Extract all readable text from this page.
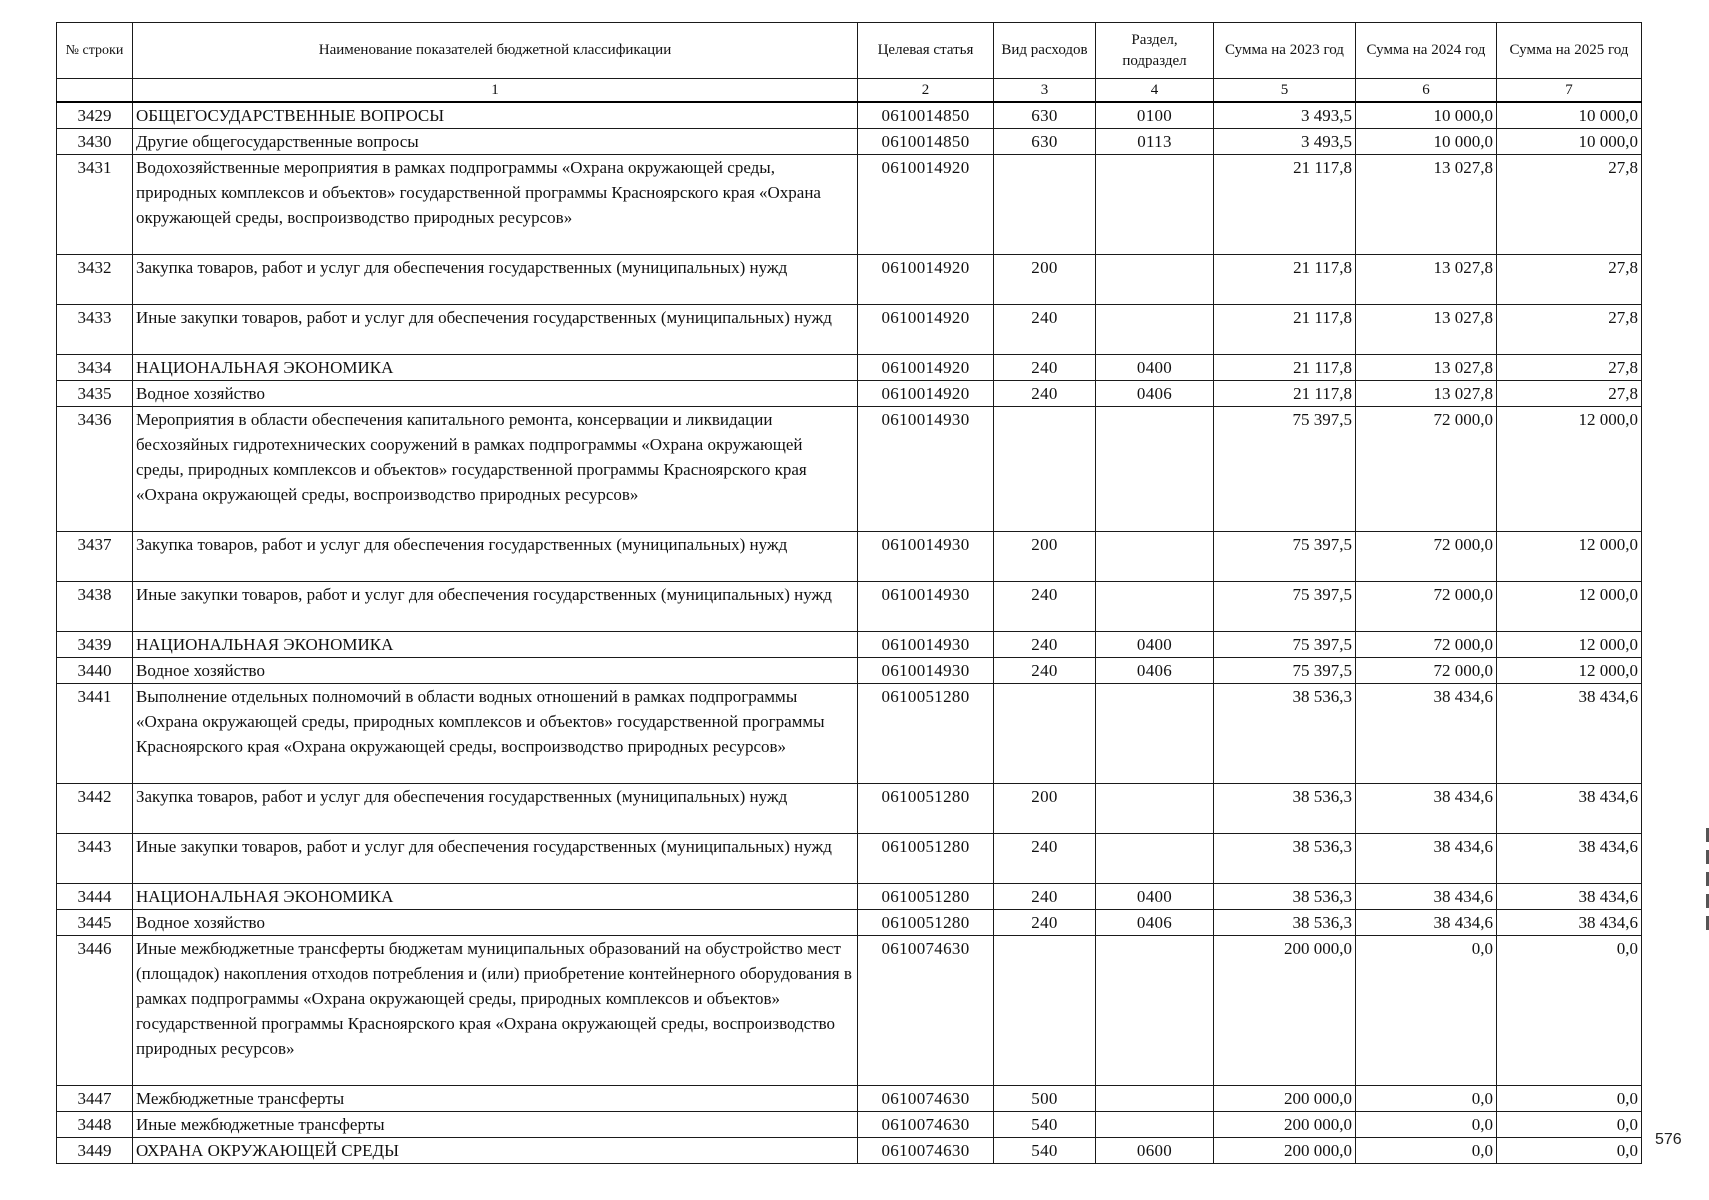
№ строки	Наименование показателей бюджетной классификации	Целевая статья	Вид расходов	Раздел, подраздел	Сумма на 2023 год	Сумма на 2024 год	Сумма на 2025 год
	1	2	3	4	5	6	7
3429	ОБЩЕГОСУДАРСТВЕННЫЕ ВОПРОСЫ	0610014850	630	0100	3 493,5	10 000,0	10 000,0
3430	Другие общегосударственные вопросы	0610014850	630	0113	3 493,5	10 000,0	10 000,0
3431	Водохозяйственные мероприятия в рамках подпрограммы «Охрана окружающей среды, природных комплексов и объектов» государственной программы Красноярского края «Охрана окружающей среды, воспроизводство природных ресурсов»	0610014920			21 117,8	13 027,8	27,8
3432	Закупка товаров, работ и услуг для обеспечения государственных (муниципальных) нужд	0610014920	200		21 117,8	13 027,8	27,8
3433	Иные закупки товаров, работ и услуг для обеспечения государственных (муниципальных) нужд	0610014920	240		21 117,8	13 027,8	27,8
3434	НАЦИОНАЛЬНАЯ ЭКОНОМИКА	0610014920	240	0400	21 117,8	13 027,8	27,8
3435	Водное хозяйство	0610014920	240	0406	21 117,8	13 027,8	27,8
3436	Мероприятия в области обеспечения капитального ремонта, консервации и ликвидации бесхозяйных гидротехнических сооружений в рамках подпрограммы «Охрана окружающей среды, природных комплексов и объектов» государственной программы Красноярского края «Охрана окружающей среды, воспроизводство природных ресурсов»	0610014930			75 397,5	72 000,0	12 000,0
3437	Закупка товаров, работ и услуг для обеспечения государственных (муниципальных) нужд	0610014930	200		75 397,5	72 000,0	12 000,0
3438	Иные закупки товаров, работ и услуг для обеспечения государственных (муниципальных) нужд	0610014930	240		75 397,5	72 000,0	12 000,0
3439	НАЦИОНАЛЬНАЯ ЭКОНОМИКА	0610014930	240	0400	75 397,5	72 000,0	12 000,0
3440	Водное хозяйство	0610014930	240	0406	75 397,5	72 000,0	12 000,0
3441	Выполнение отдельных полномочий в области водных отношений в рамках подпрограммы «Охрана окружающей среды, природных комплексов и объектов» государственной программы Красноярского края «Охрана окружающей среды, воспроизводство природных ресурсов»	0610051280			38 536,3	38 434,6	38 434,6
3442	Закупка товаров, работ и услуг для обеспечения государственных (муниципальных) нужд	0610051280	200		38 536,3	38 434,6	38 434,6
3443	Иные закупки товаров, работ и услуг для обеспечения государственных (муниципальных) нужд	0610051280	240		38 536,3	38 434,6	38 434,6
3444	НАЦИОНАЛЬНАЯ ЭКОНОМИКА	0610051280	240	0400	38 536,3	38 434,6	38 434,6
3445	Водное хозяйство	0610051280	240	0406	38 536,3	38 434,6	38 434,6
3446	Иные межбюджетные трансферты бюджетам муниципальных образований на обустройство мест (площадок) накопления отходов потребления и (или) приобретение контейнерного оборудования в рамках подпрограммы «Охрана окружающей среды, природных комплексов и объектов» государственной программы Красноярского края «Охрана окружающей среды, воспроизводство природных ресурсов»	0610074630			200 000,0	0,0	0,0
3447	Межбюджетные трансферты	0610074630	500		200 000,0	0,0	0,0
3448	Иные межбюджетные трансферты	0610074630	540		200 000,0	0,0	0,0
3449	ОХРАНА ОКРУЖАЮЩЕЙ СРЕДЫ	0610074630	540	0600	200 000,0	0,0	0,0
576
